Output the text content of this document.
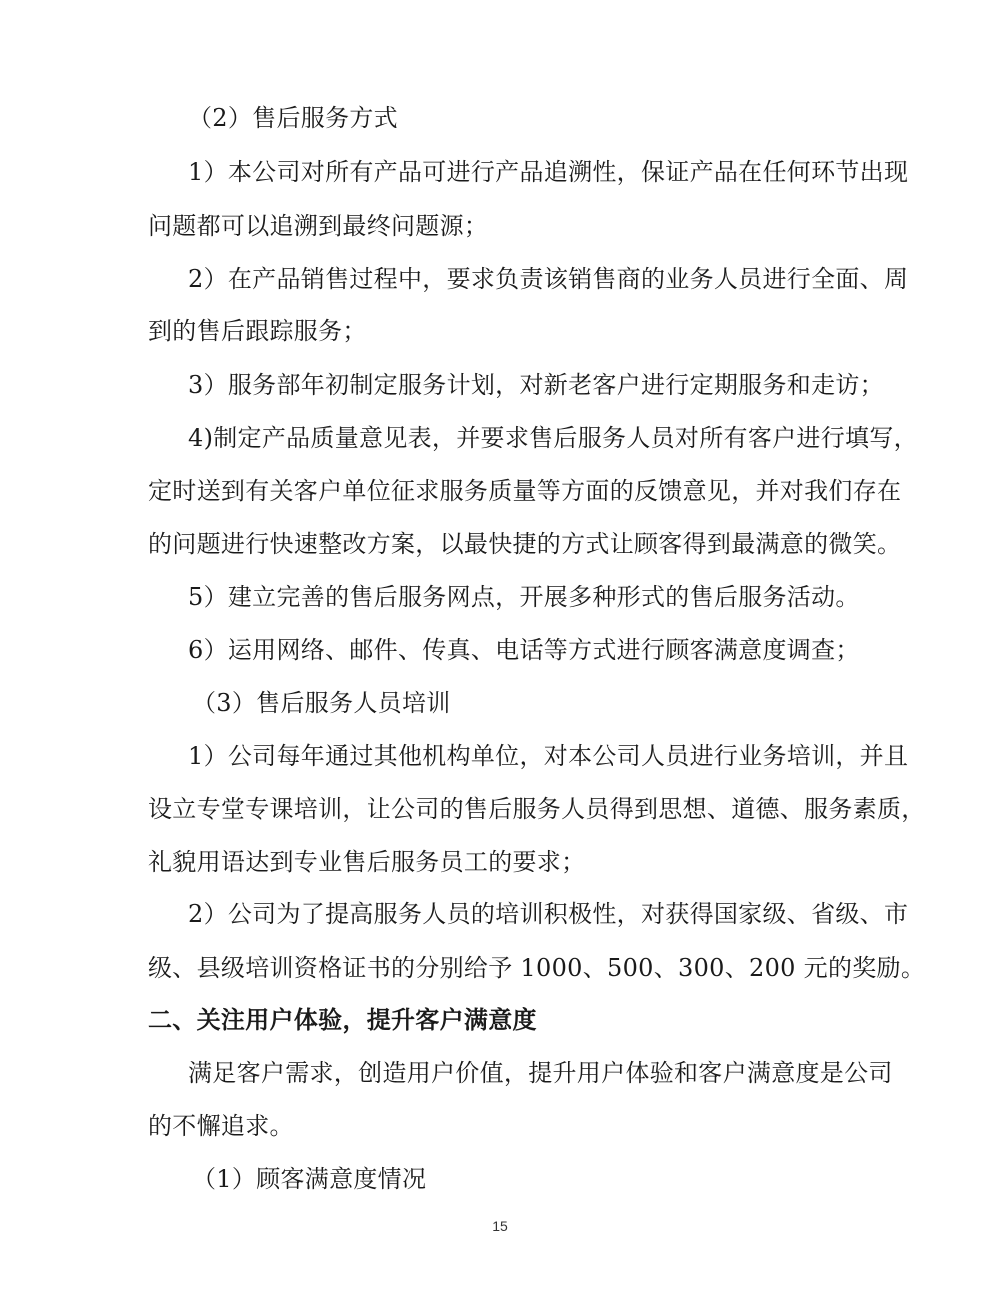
（2）售后服务方式
1）本公司对所有产品可进行产品追溯性，保证产品在任何环节出现
问题都可以追溯到最终问题源；
2）在产品销售过程中，要求负责该销售商的业务人员进行全面、周
到的售后跟踪服务；
3）服务部年初制定服务计划，对新老客户进行定期服务和走访；
4)制定产品质量意见表，并要求售后服务人员对所有客户进行填写，
定时送到有关客户单位征求服务质量等方面的反馈意见，并对我们存在
的问题进行快速整改方案，以最快捷的方式让顾客得到最满意的微笑。
5）建立完善的售后服务网点，开展多种形式的售后服务活动。
6）运用网络、邮件、传真、电话等方式进行顾客满意度调查；
（3）售后服务人员培训
1）公司每年通过其他机构单位，对本公司人员进行业务培训，并且
设立专堂专课培训，让公司的售后服务人员得到思想、道德、服务素质，
礼貌用语达到专业售后服务员工的要求；
2）公司为了提高服务人员的培训积极性，对获得国家级、省级、市
级、县级培训资格证书的分别给予 1000、500、300、200 元的奖励。
二、关注用户体验，提升客户满意度
满足客户需求，创造用户价值，提升用户体验和客户满意度是公司
的不懈追求。
（1）顾客满意度情况
15
